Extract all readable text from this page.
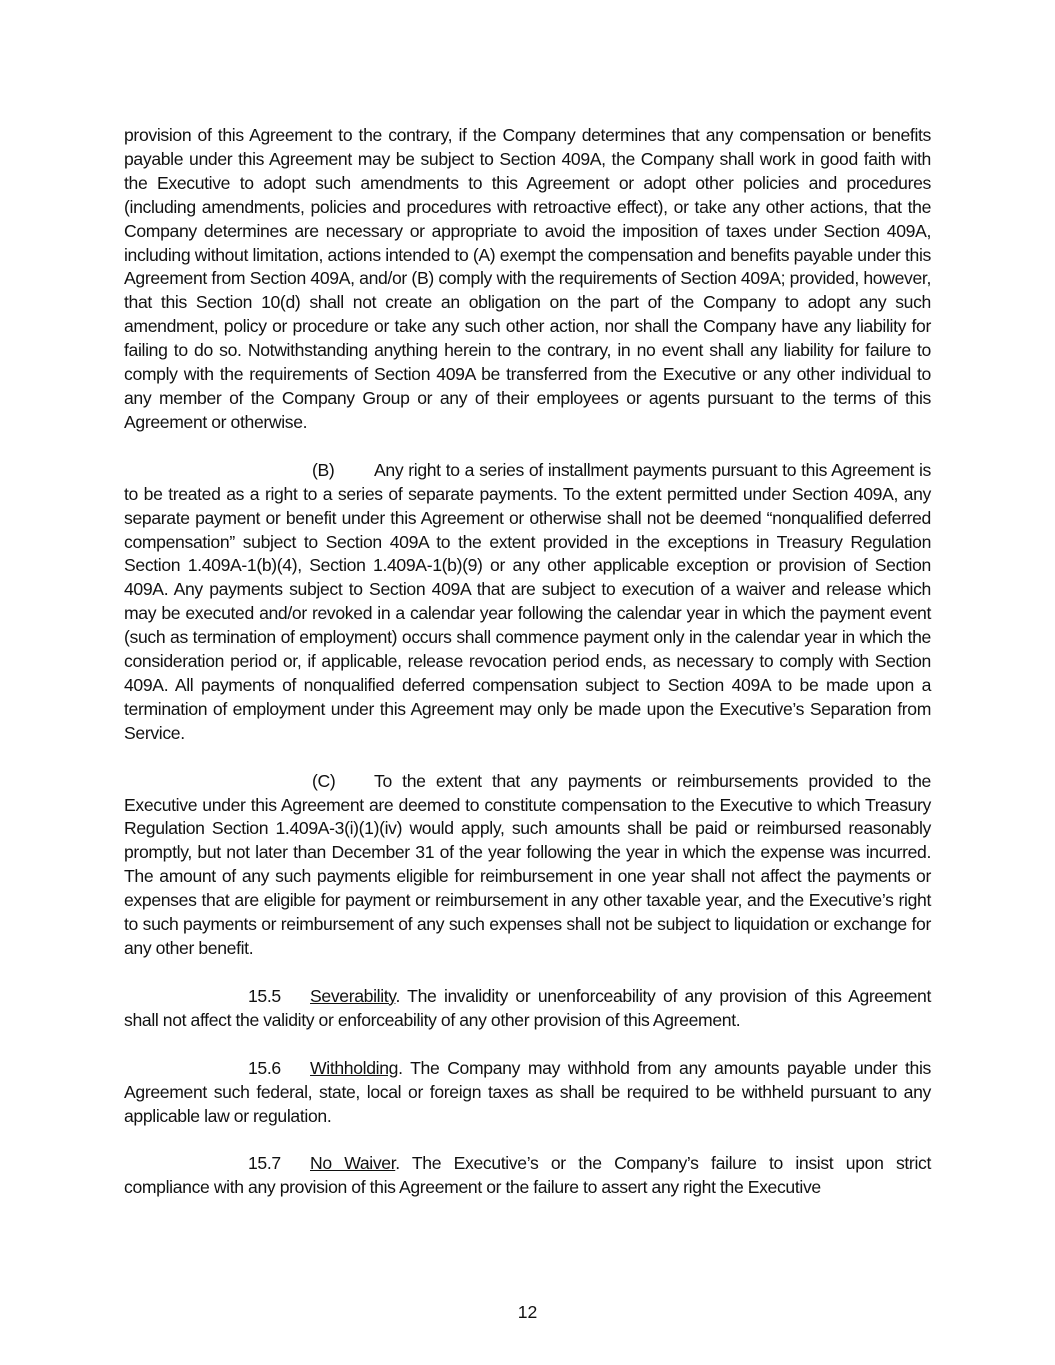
provision of this Agreement to the contrary, if the Company determines that any compensation or benefits payable under this Agreement may be subject to Section 409A, the Company shall work in good faith with the Executive to adopt such amendments to this Agreement or adopt other policies and procedures (including amendments, policies and procedures with retroactive effect), or take any other actions, that the Company determines are necessary or appropriate to avoid the imposition of taxes under Section 409A, including without limitation, actions intended to (A) exempt the compensation and benefits payable under this Agreement from Section 409A, and/or (B) comply with the requirements of Section 409A; provided, however, that this Section 10(d) shall not create an obligation on the part of the Company to adopt any such amendment, policy or procedure or take any such other action, nor shall the Company have any liability for failing to do so. Notwithstanding anything herein to the contrary, in no event shall any liability for failure to comply with the requirements of Section 409A be transferred from the Executive or any other individual to any member of the Company Group or any of their employees or agents pursuant to the terms of this Agreement or otherwise.

(B) Any right to a series of installment payments pursuant to this Agreement is to be treated as a right to a series of separate payments. To the extent permitted under Section 409A, any separate payment or benefit under this Agreement or otherwise shall not be deemed “nonqualified deferred compensation” subject to Section 409A to the extent provided in the exceptions in Treasury Regulation Section 1.409A-1(b)(4), Section 1.409A-1(b)(9) or any other applicable exception or provision of Section 409A. Any payments subject to Section 409A that are subject to execution of a waiver and release which may be executed and/or revoked in a calendar year following the calendar year in which the payment event (such as termination of employment) occurs shall commence payment only in the calendar year in which the consideration period or, if applicable, release revocation period ends, as necessary to comply with Section 409A. All payments of nonqualified deferred compensation subject to Section 409A to be made upon a termination of employment under this Agreement may only be made upon the Executive’s Separation from Service.

(C) To the extent that any payments or reimbursements provided to the Executive under this Agreement are deemed to constitute compensation to the Executive to which Treasury Regulation Section 1.409A-3(i)(1)(iv) would apply, such amounts shall be paid or reimbursed reasonably promptly, but not later than December 31 of the year following the year in which the expense was incurred. The amount of any such payments eligible for reimbursement in one year shall not affect the payments or expenses that are eligible for payment or reimbursement in any other taxable year, and the Executive’s right to such payments or reimbursement of any such expenses shall not be subject to liquidation or exchange for any other benefit.

15.5 Severability. The invalidity or unenforceability of any provision of this Agreement shall not affect the validity or enforceability of any other provision of this Agreement.

15.6 Withholding. The Company may withhold from any amounts payable under this Agreement such federal, state, local or foreign taxes as shall be required to be withheld pursuant to any applicable law or regulation.

15.7 No Waiver. The Executive’s or the Company’s failure to insist upon strict compliance with any provision of this Agreement or the failure to assert any right the Executive

12
